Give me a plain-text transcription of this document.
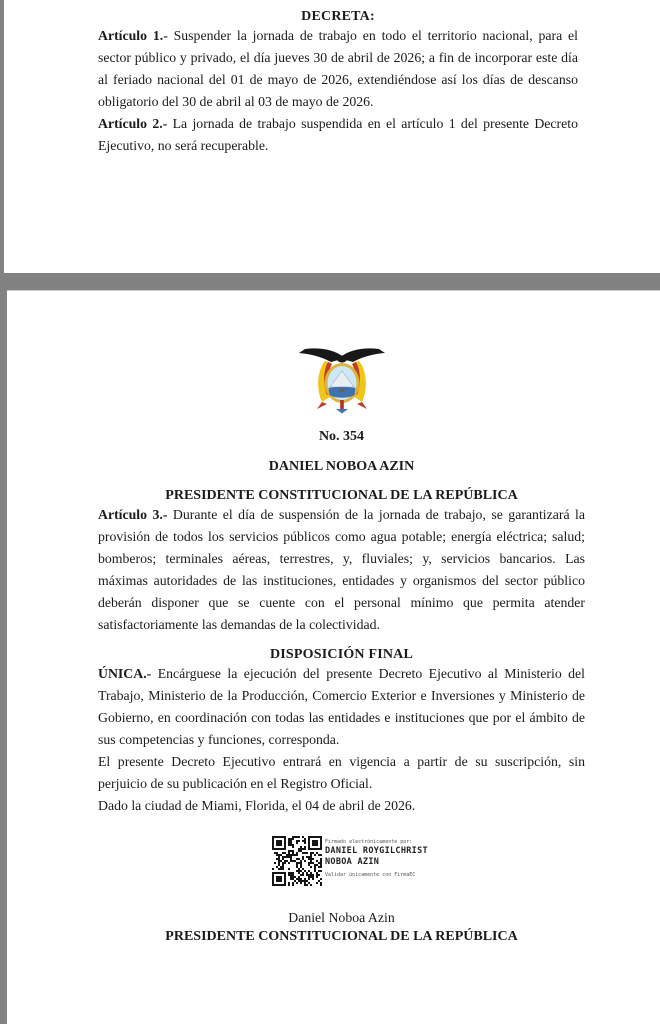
DECRETA:

Artículo 1.- Suspender la jornada de trabajo en todo el territorio nacional, para el sector público y privado, el día jueves 30 de abril de 2026; a fin de incorporar este día al feriado nacional del 01 de mayo de 2026, extendiéndose así los días de descanso obligatorio del 30 de abril al 03 de mayo de 2026.

Artículo 2.- La jornada de trabajo suspendida en el artículo 1 del presente Decreto Ejecutivo, no será recuperable.

No. 354

DANIEL NOBOA AZIN

PRESIDENTE CONSTITUCIONAL DE LA REPÚBLICA

Artículo 3.- Durante el día de suspensión de la jornada de trabajo, se garantizará la provisión de todos los servicios públicos como agua potable; energía eléctrica; salud; bomberos; terminales aéreas, terrestres, y, fluviales; y, servicios bancarios. Las máximas autoridades de las instituciones, entidades y organismos del sector público deberán disponer que se cuente con el personal mínimo que permita atender satisfactoriamente las demandas de la colectividad.

DISPOSICIÓN FINAL

ÚNICA.- Encárguese la ejecución del presente Decreto Ejecutivo al Ministerio del Trabajo, Ministerio de la Producción, Comercio Exterior e Inversiones y Ministerio de Gobierno, en coordinación con todas las entidades e instituciones que por el ámbito de sus competencias y funciones, corresponda.

El presente Decreto Ejecutivo entrará en vigencia a partir de su suscripción, sin perjuicio de su publicación en el Registro Oficial.

Dado la ciudad de Miami, Florida, el 04 de abril de 2026.

Firmado electrónicamente por:
DANIEL ROYGILCHRIST
NOBOA AZIN
Validar únicamente con FirmaEC

Daniel Noboa Azin

PRESIDENTE CONSTITUCIONAL DE LA REPÚBLICA
